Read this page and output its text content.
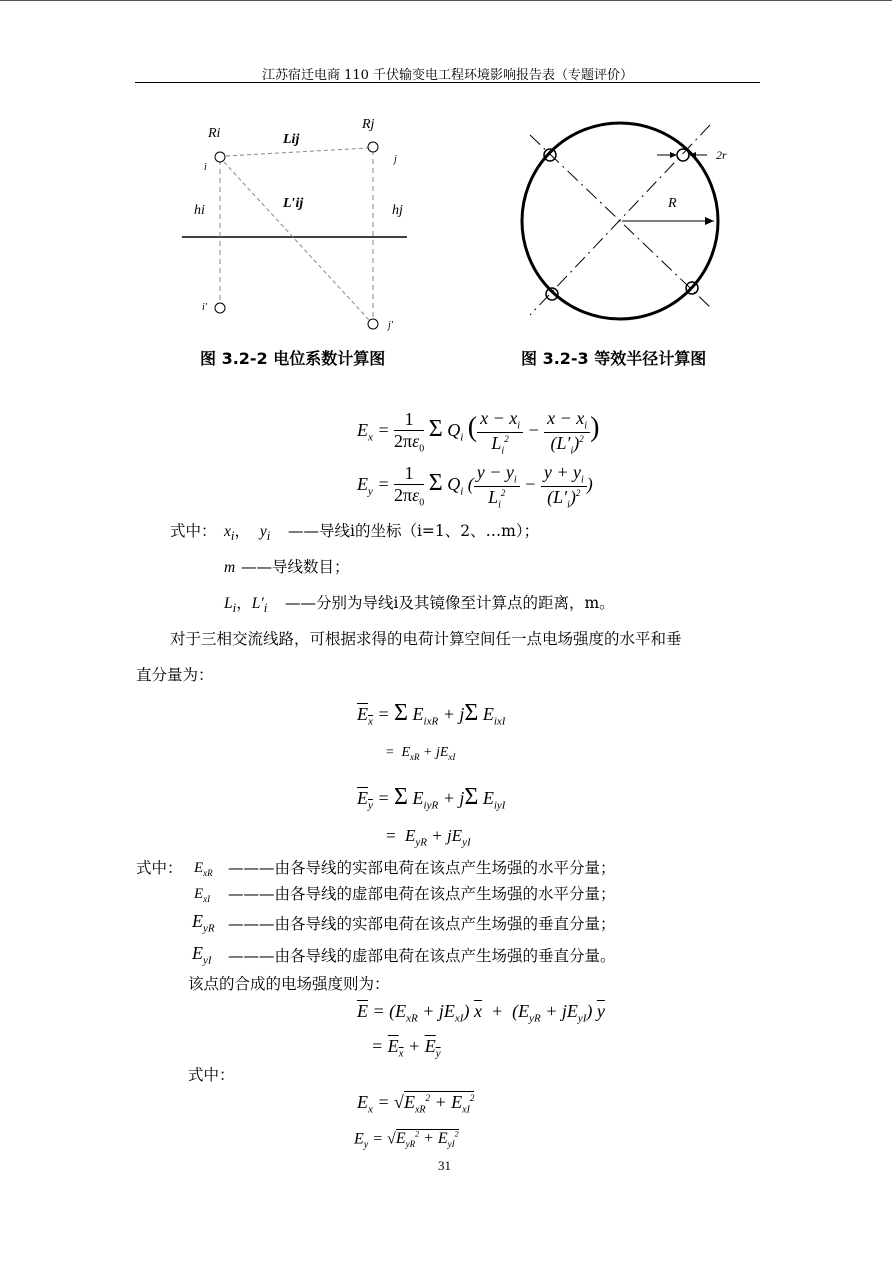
江苏宿迁电商 110 千伏输变电工程环境影响报告表（专题评价）
Ri
Rj
Lij
L′ij
hi	hj
i
j
i′
j′
R
2r
图 3.2-2 电位系数计算图	图 3.2-3 等效半径计算图
$E_x = \frac{1}{2\pi\varepsilon_0}$ Σ $Q_i$ ( $\frac{x - x_i}{L_i^2} - \frac{x - x_i}{(L'_i)^2}$ )
$E_y = \frac{1}{2\pi\varepsilon_0}$ Σ $Q_i$ ( $\frac{y - y_i}{L_i^2} - \frac{y + y_i}{(L'_i)^2}$ )
式中： $x_i$，  $y_i$ ——导线i的坐标（i=1、2、…m）；
m ——导线数目；
$L_i$，$L'_i$ ——分别为导线i及其镜像至计算点的距离，m。
对于三相交流线路，可根据求得的电荷计算空间任一点电场强度的水平和垂
直分量为：
$E_x = \Sigma$ $E_{ixR} + j\Sigma$ $E_{ixI}$
=  $E_{xR} + jE_{xI}$
$E_y = \Sigma$ $E_{iyR} + j\Sigma$ $E_{iyI}$
=  $E_{yR} + jE_{yI}$
式中： $E_{xR}$ ———由各导线的实部电荷在该点产生场强的水平分量；
$E_{xI}$ ———由各导线的虚部电荷在该点产生场强的水平分量；
$E_{yR}$ ———由各导线的实部电荷在该点产生场强的垂直分量；
$E_{yI}$ ———由各导线的虚部电荷在该点产生场强的垂直分量。
该点的合成的电场强度则为：
$\overline{E} = (E_{xR} + jE_{xI}) \overline{x} + (E_{yR} + jE_{yI})$ $\overline{y}$
= $E_x + E_y$
式中：
$E_x = √E_{xR}^2 + E_{xI}^2$
$E_y = √E_{yR}^2 + E_{yI}^2$
31
